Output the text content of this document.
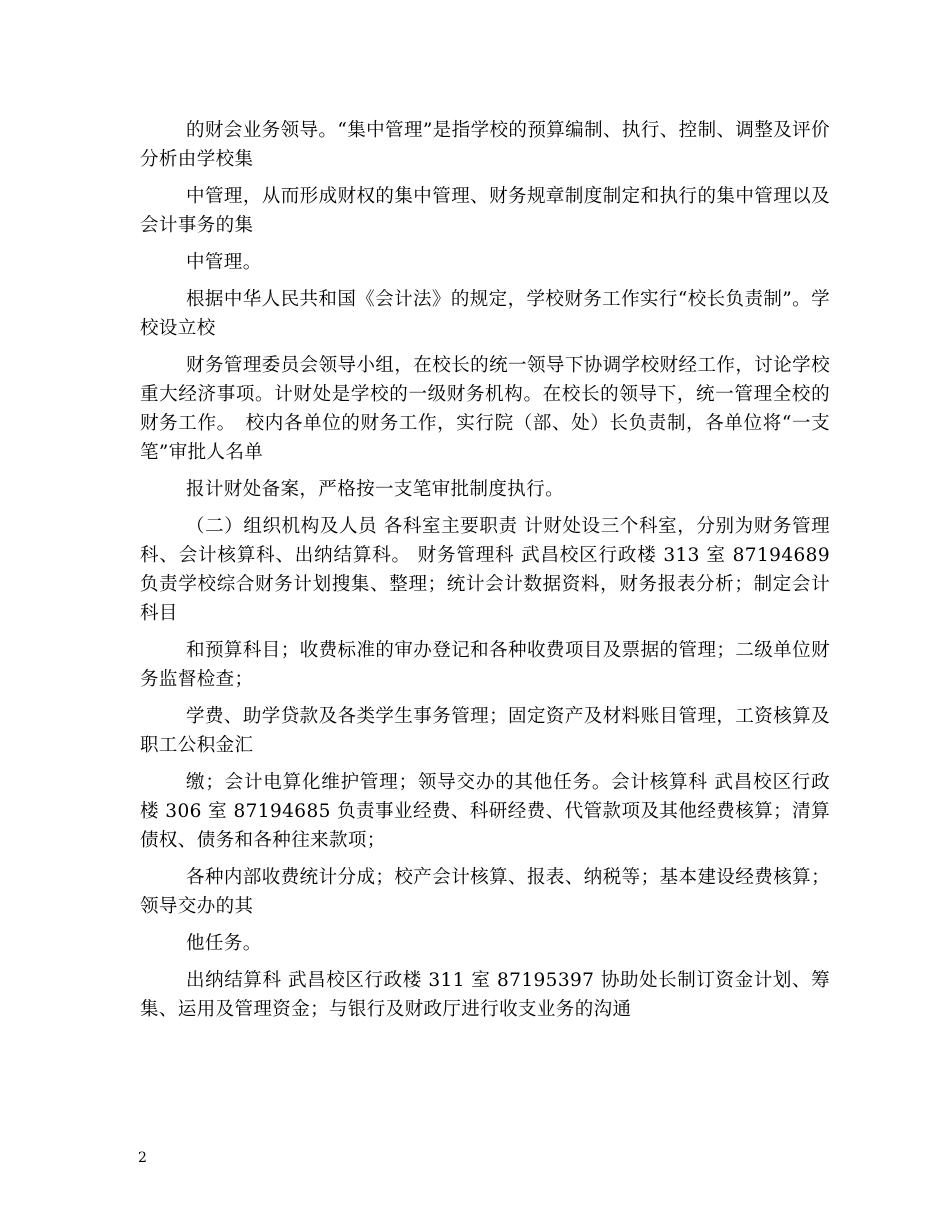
的财会业务领导。“集中管理”是指学校的预算编制、执行、控制、调整及评价分析由学校集

中管理，从而形成财权的集中管理、财务规章制度制定和执行的集中管理以及会计事务的集

中管理。

根据中华人民共和国《会计法》的规定，学校财务工作实行“校长负责制”。学校设立校

财务管理委员会领导小组，在校长的统一领导下协调学校财经工作，讨论学校重大经济事项。计财处是学校的一级财务机构。在校长的领导下，统一管理全校的财务工作。　校内各单位的财务工作，实行院（部、处）长负责制，各单位将“一支笔”审批人名单

报计财处备案，严格按一支笔审批制度执行。

（二）组织机构及人员 各科室主要职责 计财处设三个科室，分别为财务管理科、会计核算科、出纳结算科。 财务管理科 武昌校区行政楼 313 室 87194689 负责学校综合财务计划搜集、整理；统计会计数据资料，财务报表分析；制定会计科目

和预算科目；收费标准的审办登记和各种收费项目及票据的管理；二级单位财务监督检查；

学费、助学贷款及各类学生事务管理；固定资产及材料账目管理，工资核算及职工公积金汇

缴；会计电算化维护管理；领导交办的其他任务。会计核算科 武昌校区行政楼 306 室 87194685 负责事业经费、科研经费、代管款项及其他经费核算；清算债权、债务和各种往来款项；

各种内部收费统计分成；校产会计核算、报表、纳税等；基本建设经费核算；领导交办的其

他任务。

出纳结算科 武昌校区行政楼 311 室 87195397 协助处长制订资金计划、筹集、运用及管理资金；与银行及财政厅进行收支业务的沟通

2
